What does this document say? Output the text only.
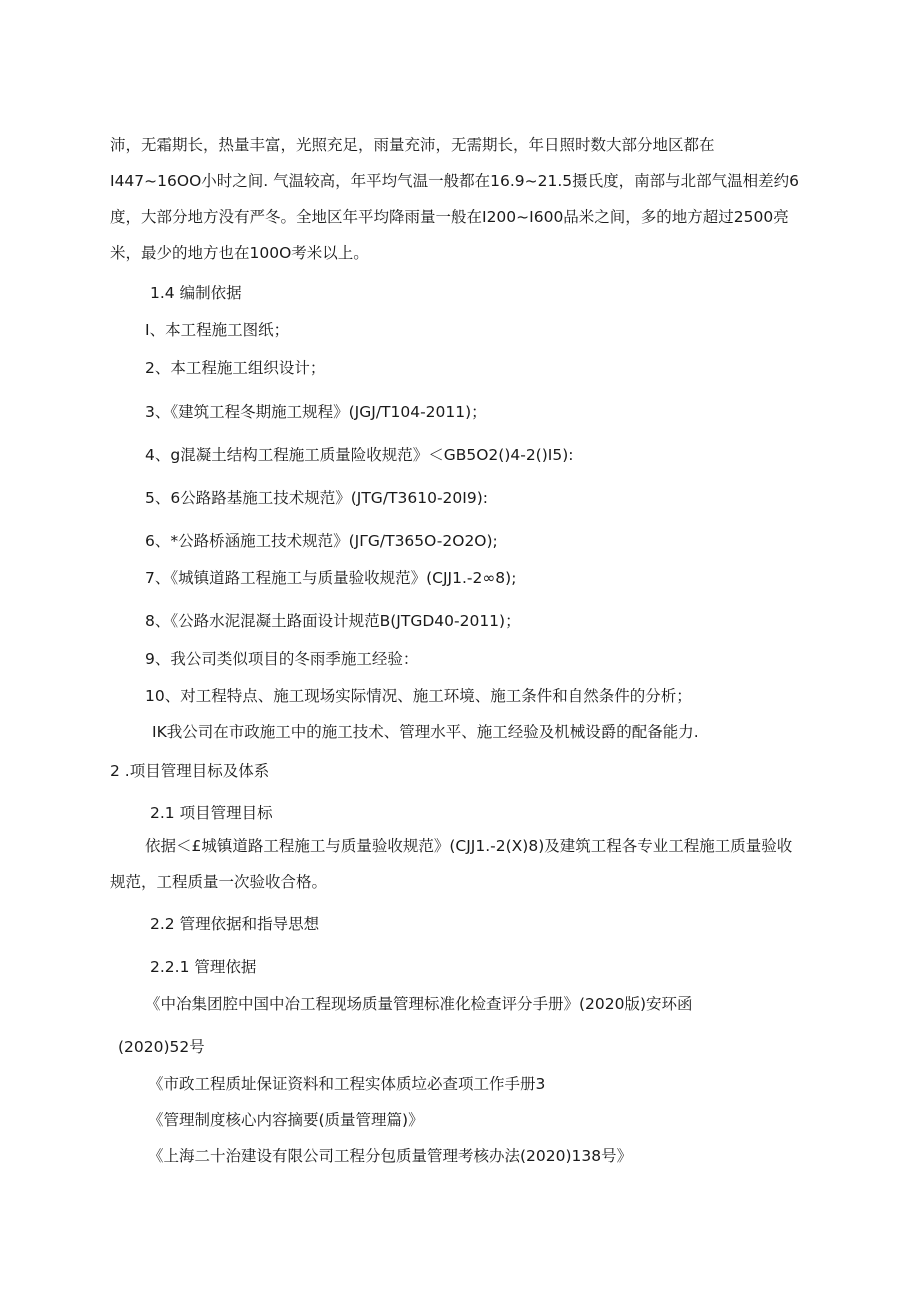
沛，无霜期长，热量丰富，光照充足，雨量充沛，无需期长，年日照时数大部分地区都在
I447~16OO小时之间. 气温较高，年平均气温一般都在16.9~21.5摄氏度，南部与北部气温相差约6
度，大部分地方没有严冬。全地区年平均降雨量一般在I200~I600品米之间，多的地方超过2500亮
米，最少的地方也在100O考米以上。
1.4 编制依据
I、本工程施工图纸；
2、本工程施工组织设计；
3、《建筑工程冬期施工规程》(JGJ/T104-2011)；
4、g混凝土结构工程施工质量险收规范》＜GB5O2()4-2()I5):
5、6公路路基施工技术规范》(JTG/T3610-20I9):
6、*公路桥涵施工技术规范》(JΓG∕T365O-2O2O);
7、《城镇道路工程施工与质量验收规范》(CJJ1.-2∞8);
8、《公路水泥混凝土路面设计规范B(JTGD40-2011)；
9、我公司类似项目的冬雨季施工经验：
10、对工程特点、施工现场实际情况、施工环境、施工条件和自然条件的分析；
IK我公司在市政施工中的施工技术、管理水平、施工经验及机械设爵的配备能力.
2 .项目管理目标及体系
2.1 项目管理目标
依据＜£城镇道路工程施工与质量验收规范》(CJJ1.-2(X)8)及建筑工程各专业工程施工质量验收
规范，工程质量一次验收合格。
2.2 管理依据和指导思想
2.2.1 管理依据
《中冶集团腔中国中冶工程现场质量管理标准化检查评分手册》(2020版)安环函
(2020)52号
《市政工程质址保证资料和工程实体质垃必查项工作手册3
《管理制度核心内容摘要(质量管理篇)》
《上海二十治建设有限公司工程分包质量管理考核办法(2020)138号》
